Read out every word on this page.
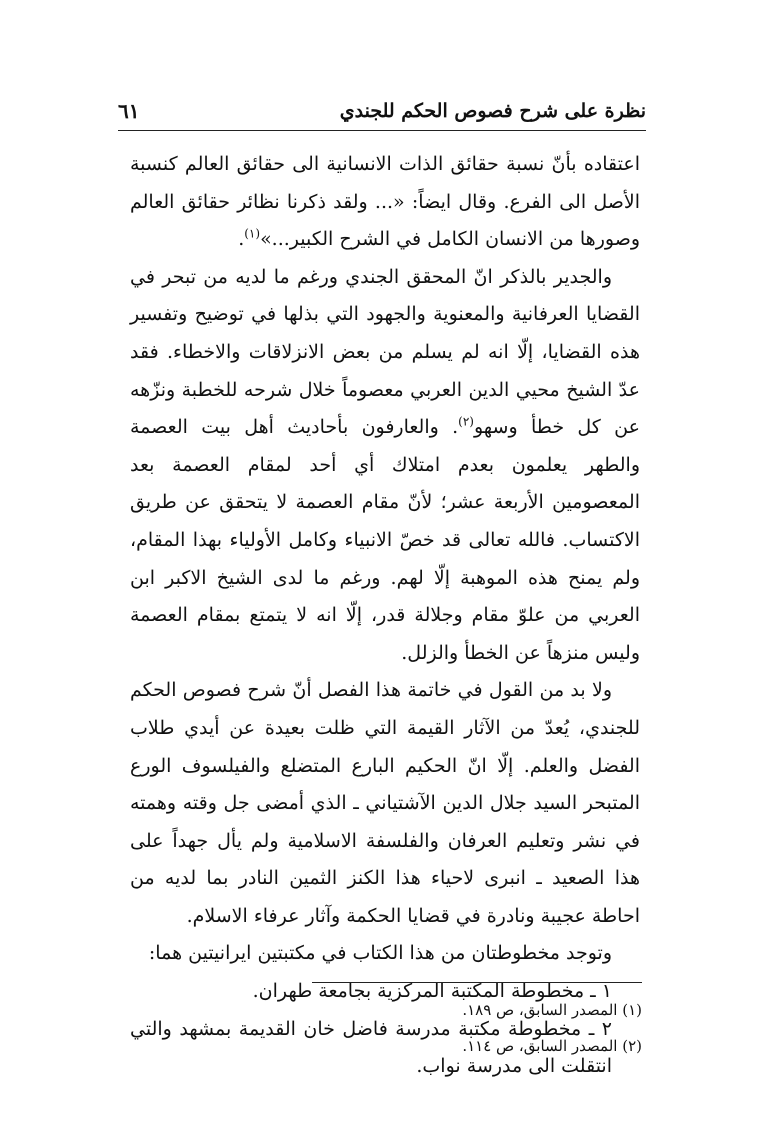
نظرة على شرح فصوص الحكم للجندي
٦١

اعتقاده بأنّ نسبة حقائق الذات الانسانية الى حقائق العالم كنسبة الأصل الى الفرع. وقال ايضاً: «... ولقد ذكرنا نظائر حقائق العالم وصورها من الانسان الكامل في الشرح الكبير...»$^{(١)}$.

والجدير بالذكر انّ المحقق الجندي ورغم ما لديه من تبحر في القضايا العرفانية والمعنوية والجهود التي بذلها في توضيح وتفسير هذه القضايا، إلّا انه لم يسلم من بعض الانزلاقات والاخطاء. فقد عدّ الشيخ محيي الدين العربي معصوماً خلال شرحه للخطبة ونزّهه عن كل خطأ وسهو$^{(٢)}$. والعارفون بأحاديث أهل بيت العصمة والطهر يعلمون بعدم امتلاك أي أحد لمقام العصمة بعد المعصومين الأربعة عشر؛ لأنّ مقام العصمة لا يتحقق عن طريق الاكتساب. فالله تعالى قد خصّ الانبياء وكامل الأولياء بهذا المقام، ولم يمنح هذه الموهبة إلّا لهم. ورغم ما لدى الشيخ الاكبر ابن العربي من علوّ مقام وجلالة قدر، إلّا انه لا يتمتع بمقام العصمة وليس منزهاً عن الخطأ والزلل.

ولا بد من القول في خاتمة هذا الفصل أنّ شرح فصوص الحكم للجندي، يُعدّ من الآثار القيمة التي ظلت بعيدة عن أيدي طلاب الفضل والعلم. إلّا انّ الحكيم البارع المتضلع والفيلسوف الورع المتبحر السيد جلال الدين الآشتياني ـ الذي أمضى جل وقته وهمته في نشر وتعليم العرفان والفلسفة الاسلامية ولم يأل جهداً على هذا الصعيد ـ انبرى لاحياء هذا الكنز الثمين النادر بما لديه من احاطة عجيبة ونادرة في قضايا الحكمة وآثار عرفاء الاسلام.

وتوجد مخطوطتان من هذا الكتاب في مكتبتين ايرانيتين هما:

١ ـ مخطوطة المكتبة المركزية بجامعة طهران.

٢ ـ مخطوطة مكتبة مدرسة فاضل خان القديمة بمشهد والتي انتقلت الى مدرسة نواب.

(١) المصدر السابق، ص ١٨٩.

(٢) المصدر السابق، ص ١١٤.
